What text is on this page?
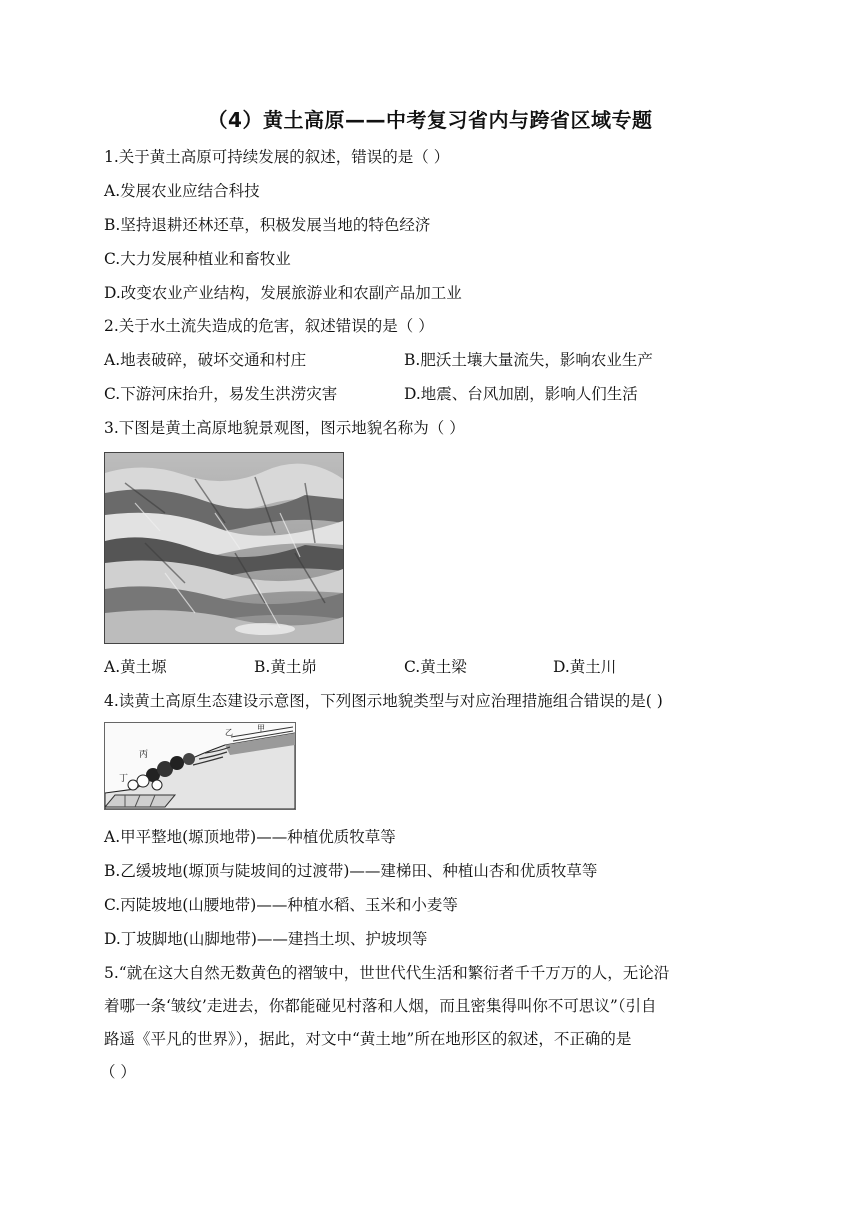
（4）黄土高原——中考复习省内与跨省区域专题
1.关于黄土高原可持续发展的叙述，错误的是（ ）
A.发展农业应结合科技
B.坚持退耕还林还草，积极发展当地的特色经济
C.大力发展种植业和畜牧业
D.改变农业产业结构，发展旅游业和农副产品加工业
2.关于水土流失造成的危害，叙述错误的是（ ）
A.地表破碎，破坏交通和村庄	B.肥沃土壤大量流失，影响农业生产
C.下游河床抬升，易发生洪涝灾害	D.地震、台风加剧，影响人们生活
3.下图是黄土高原地貌景观图，图示地貌名称为（ ）
A.黄土塬	B.黄土峁	C.黄土梁	D.黄土川
4.读黄土高原生态建设示意图，下列图示地貌类型与对应治理措施组合错误的是( )
丁
丙
乙	甲
A.甲平整地(塬顶地带)——种植优质牧草等
B.乙缓坡地(塬顶与陡坡间的过渡带)——建梯田、种植山杏和优质牧草等
C.丙陡坡地(山腰地带)——种植水稻、玉米和小麦等
D.丁坡脚地(山脚地带)——建挡土坝、护坡坝等
5.“就在这大自然无数黄色的褶皱中，世世代代生活和繁衍者千千万万的人，无论沿
着哪一条‘皱纹’走进去，你都能碰见村落和人烟，而且密集得叫你不可思议”（引自
路遥《平凡的世界》），据此，对文中“黄土地”所在地形区的叙述，不正确的是
（ ）
